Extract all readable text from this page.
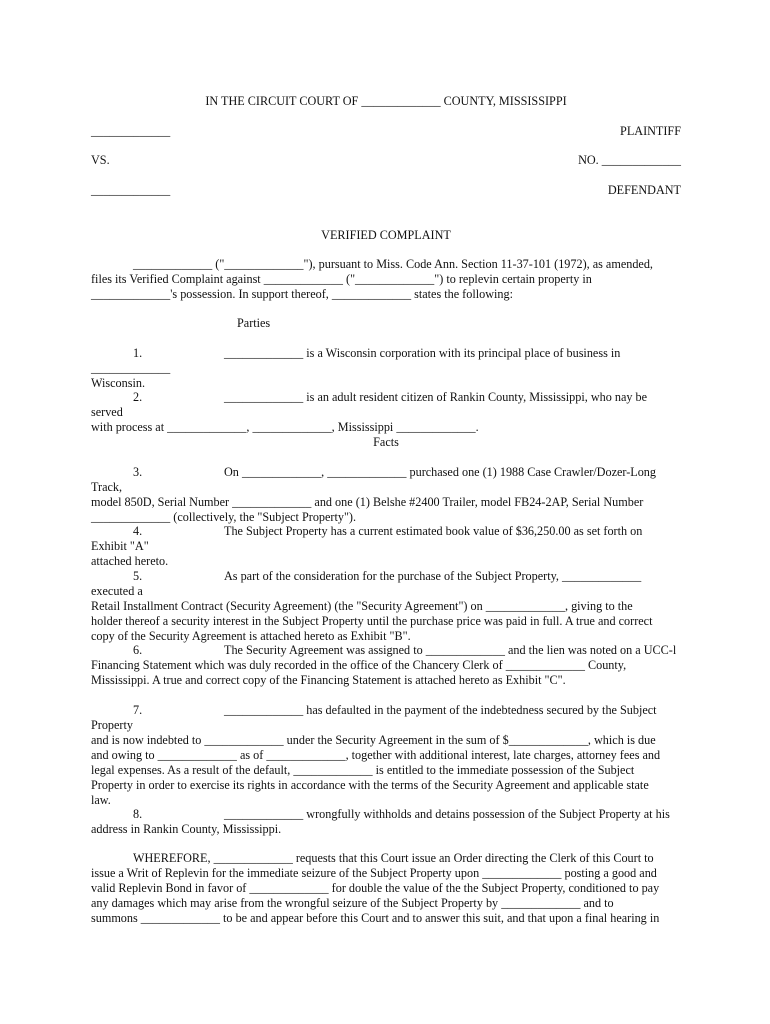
IN THE CIRCUIT COURT OF _____________ COUNTY, MISSISSIPPI
_____________	PLAINTIFF
VS.	NO. _____________
_____________	DEFENDANT
VERIFIED COMPLAINT
_____________ ("_____________"), pursuant to Miss. Code Ann. Section 11-37-101 (1972), as amended,
files its Verified Complaint against _____________ ("_____________") to replevin certain property in
_____________'s possession. In support thereof, _____________ states the following:
Parties
1.	_____________ is a Wisconsin corporation with its principal place of business in _____________
Wisconsin.
2.	_____________ is an adult resident citizen of Rankin County, Mississippi, who nay be served
with process at _____________, _____________, Mississippi _____________.
Facts
3.	On _____________, _____________ purchased one (1) 1988 Case Crawler/Dozer-Long Track,
model 850D, Serial Number _____________ and one (1) Belshe #2400 Trailer, model FB24-2AP, Serial Number
_____________ (collectively, the "Subject Property").
4.	The Subject Property has a current estimated book value of $36,250.00 as set forth on Exhibit "A"
attached hereto.
5.	As part of the consideration for the purchase of the Subject Property, _____________ executed a
Retail Installment Contract (Security Agreement) (the "Security Agreement") on _____________, giving to the
holder thereof a security interest in the Subject Property until the purchase price was paid in full. A true and correct
copy of the Security Agreement is attached hereto as Exhibit "B".
6.	The Security Agreement was assigned to _____________ and the lien was noted on a UCC-l
Financing Statement which was duly recorded in the office of the Chancery Clerk of _____________ County,
Mississippi. A true and correct copy of the Financing Statement is attached hereto as Exhibit "C".
7.	_____________ has defaulted in the payment of the indebtedness secured by the Subject Property
and is now indebted to _____________ under the Security Agreement in the sum of $_____________, which is due
and owing to _____________ as of _____________, together with additional interest, late charges, attorney fees and
legal expenses. As a result of the default, _____________ is entitled to the immediate possession of the Subject
Property in order to exercise its rights in accordance with the terms of the Security Agreement and applicable state
law.
8.	_____________ wrongfully withholds and detains possession of the Subject Property at his
address in Rankin County, Mississippi.
WHEREFORE, _____________ requests that this Court issue an Order directing the Clerk of this Court to
issue a Writ of Replevin for the immediate seizure of the Subject Property upon _____________ posting a good and
valid Replevin Bond in favor of _____________ for double the value of the the Subject Property, conditioned to pay
any damages which may arise from the wrongful seizure of the Subject Property by _____________ and to
summons _____________ to be and appear before this Court and to answer this suit, and that upon a final hearing in
